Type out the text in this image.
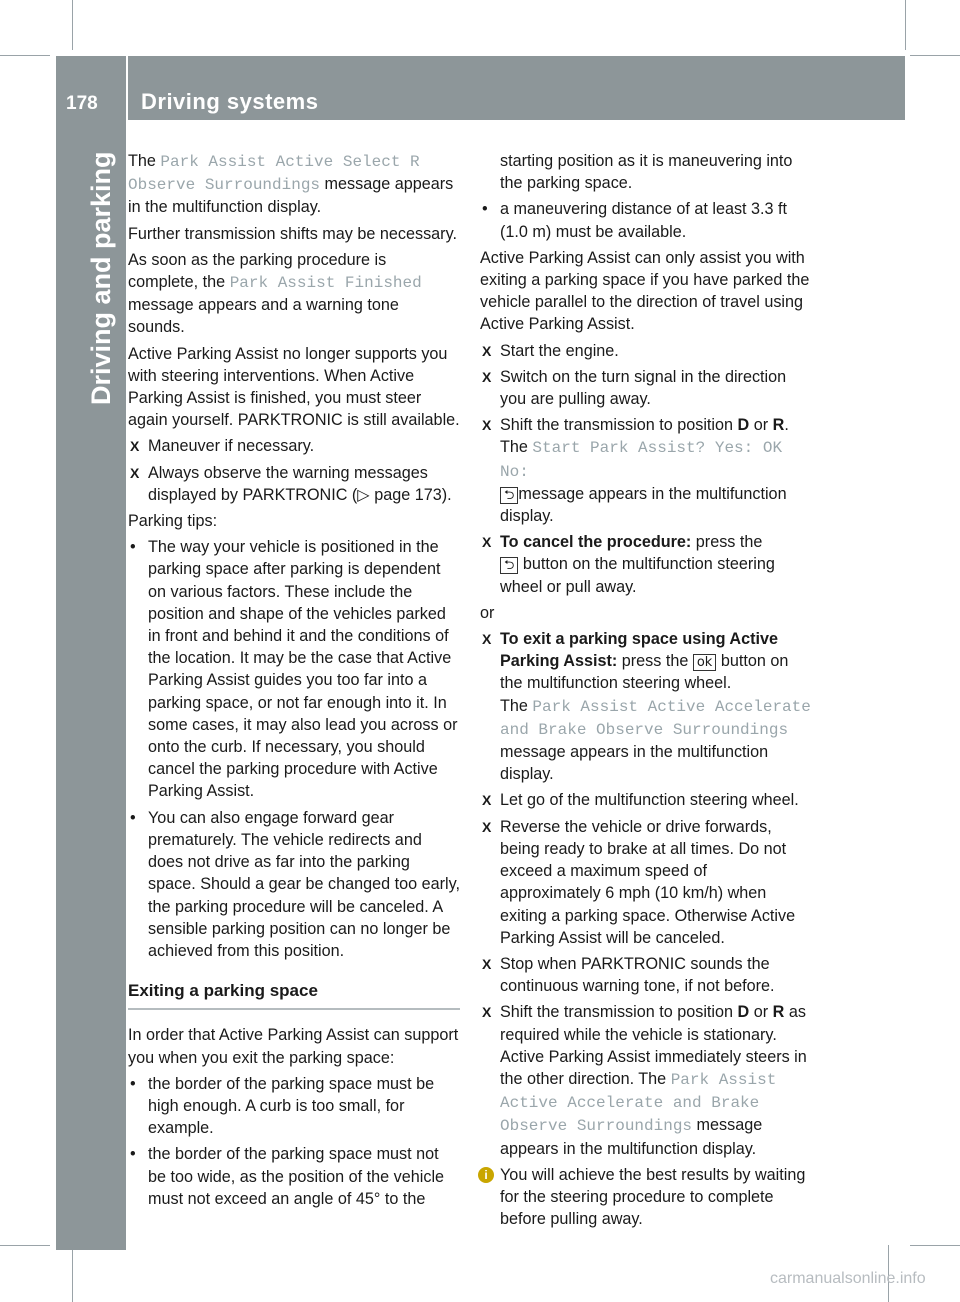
178 Driving systems
Driving and parking The Park Assist Active Select R
Observe Surroundings message appears in the multifunction display.

Further transmission shifts may be necessary.

As soon as the parking procedure is complete, the Park Assist Finished message appears and a warning tone sounds.

Active Parking Assist no longer supports you with steering interventions. When Active Parking Assist is finished, you must steer again yourself. PARKTRONIC is still available.

X Maneuver if necessary.

X Always observe the warning messages displayed by PARKTRONIC (▷ page 173).

Parking tips:

• The way your vehicle is positioned in the parking space after parking is dependent on various factors. These include the position and shape of the vehicles parked in front and behind it and the conditions of the location. It may be the case that Active Parking Assist guides you too far into a parking space, or not far enough into it. In some cases, it may also lead you across or onto the curb. If necessary, you should cancel the parking procedure with Active Parking Assist.

• You can also engage forward gear prematurely. The vehicle redirects and does not drive as far into the parking space. Should a gear be changed too early, the parking procedure will be canceled. A sensible parking position can no longer be achieved from this position.

Exiting a parking space

In order that Active Parking Assist can support you when you exit the parking space:

• the border of the parking space must be high enough. A curb is too small, for example.

• the border of the parking space must not be too wide, as the position of the vehicle must not exceed an angle of 45° to the

starting position as it is maneuvering into the parking space.

• a maneuvering distance of at least 3.3 ft (1.0 m) must be available.

Active Parking Assist can only assist you with exiting a parking space if you have parked the vehicle parallel to the direction of travel using Active Parking Assist.

X Start the engine.

X Switch on the turn signal in the direction you are pulling away.

X Shift the transmission to position D or R.
The Start Park Assist? Yes: OK No:
⮌ message appears in the multifunction display.

X To cancel the procedure: press the
⮌ button on the multifunction steering wheel or pull away.

or

X To exit a parking space using Active Parking Assist: press the ok button on the multifunction steering wheel.
The Park Assist Active Accelerate and Brake Observe Surroundings
message appears in the multifunction display.

X Let go of the multifunction steering wheel.

X Reverse the vehicle or drive forwards, being ready to brake at all times. Do not exceed a maximum speed of approximately 6 mph (10 km/h) when exiting a parking space. Otherwise Active Parking Assist will be canceled.

X Stop when PARKTRONIC sounds the continuous warning tone, if not before.

X Shift the transmission to position D or R as required while the vehicle is stationary. Active Parking Assist immediately steers in the other direction. The Park Assist Active Accelerate and Brake Observe Surroundings message appears in the multifunction display.

i You will achieve the best results by waiting for the steering procedure to complete before pulling away.

carmanualsonline.info
